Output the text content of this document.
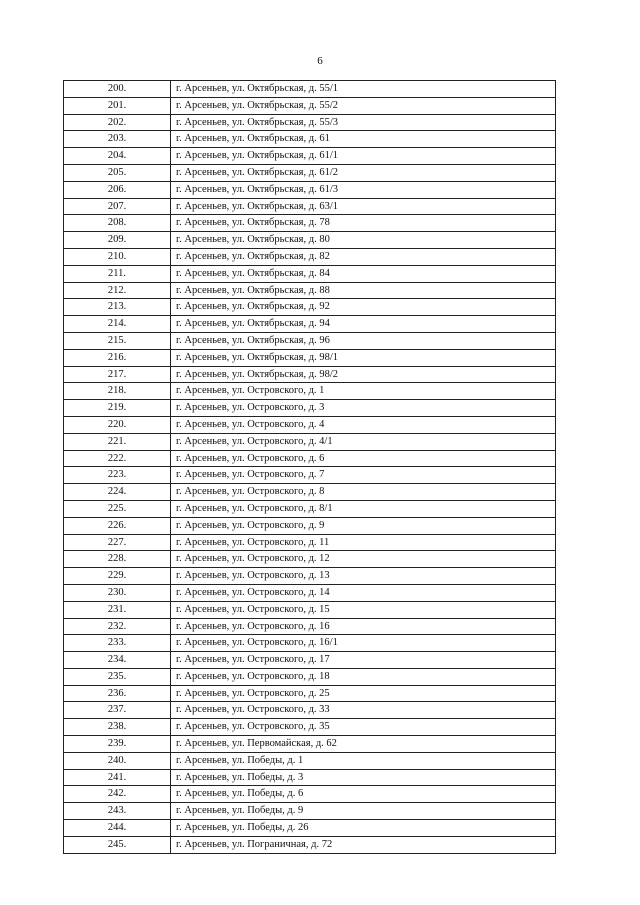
6
200.	г. Арсеньев, ул. Октябрьская, д. 55/1
201.	г. Арсеньев, ул. Октябрьская, д. 55/2
202.	г. Арсеньев, ул. Октябрьская, д. 55/3
203.	г. Арсеньев, ул. Октябрьская, д. 61
204.	г. Арсеньев, ул. Октябрьская, д. 61/1
205.	г. Арсеньев, ул. Октябрьская, д. 61/2
206.	г. Арсеньев, ул. Октябрьская, д. 61/3
207.	г. Арсеньев, ул. Октябрьская, д. 63/1
208.	г. Арсеньев, ул. Октябрьская, д. 78
209.	г. Арсеньев, ул. Октябрьская, д. 80
210.	г. Арсеньев, ул. Октябрьская, д. 82
211.	г. Арсеньев, ул. Октябрьская, д. 84
212.	г. Арсеньев, ул. Октябрьская, д. 88
213.	г. Арсеньев, ул. Октябрьская, д. 92
214.	г. Арсеньев, ул. Октябрьская, д. 94
215.	г. Арсеньев, ул. Октябрьская, д. 96
216.	г. Арсеньев, ул. Октябрьская, д. 98/1
217.	г. Арсеньев, ул. Октябрьская, д. 98/2
218.	г. Арсеньев, ул. Островского, д. 1
219.	г. Арсеньев, ул. Островского, д. 3
220.	г. Арсеньев, ул. Островского, д. 4
221.	г. Арсеньев, ул. Островского, д. 4/1
222.	г. Арсеньев, ул. Островского, д. 6
223.	г. Арсеньев, ул. Островского, д. 7
224.	г. Арсеньев, ул. Островского, д. 8
225.	г. Арсеньев, ул. Островского, д. 8/1
226.	г. Арсеньев, ул. Островского, д. 9
227.	г. Арсеньев, ул. Островского, д. 11
228.	г. Арсеньев, ул. Островского, д. 12
229.	г. Арсеньев, ул. Островского, д. 13
230.	г. Арсеньев, ул. Островского, д. 14
231.	г. Арсеньев, ул. Островского, д. 15
232.	г. Арсеньев, ул. Островского, д. 16
233.	г. Арсеньев, ул. Островского, д. 16/1
234.	г. Арсеньев, ул. Островского, д. 17
235.	г. Арсеньев, ул. Островского, д. 18
236.	г. Арсеньев, ул. Островского, д. 25
237.	г. Арсеньев, ул. Островского, д. 33
238.	г. Арсеньев, ул. Островского, д. 35
239.	г. Арсеньев, ул. Первомайская, д. 62
240.	г. Арсеньев, ул. Победы, д. 1
241.	г. Арсеньев, ул. Победы, д. 3
242.	г. Арсеньев, ул. Победы, д. 6
243.	г. Арсеньев, ул. Победы, д. 9
244.	г. Арсеньев, ул. Победы, д. 26
245.	г. Арсеньев, ул. Пограничная, д. 72
